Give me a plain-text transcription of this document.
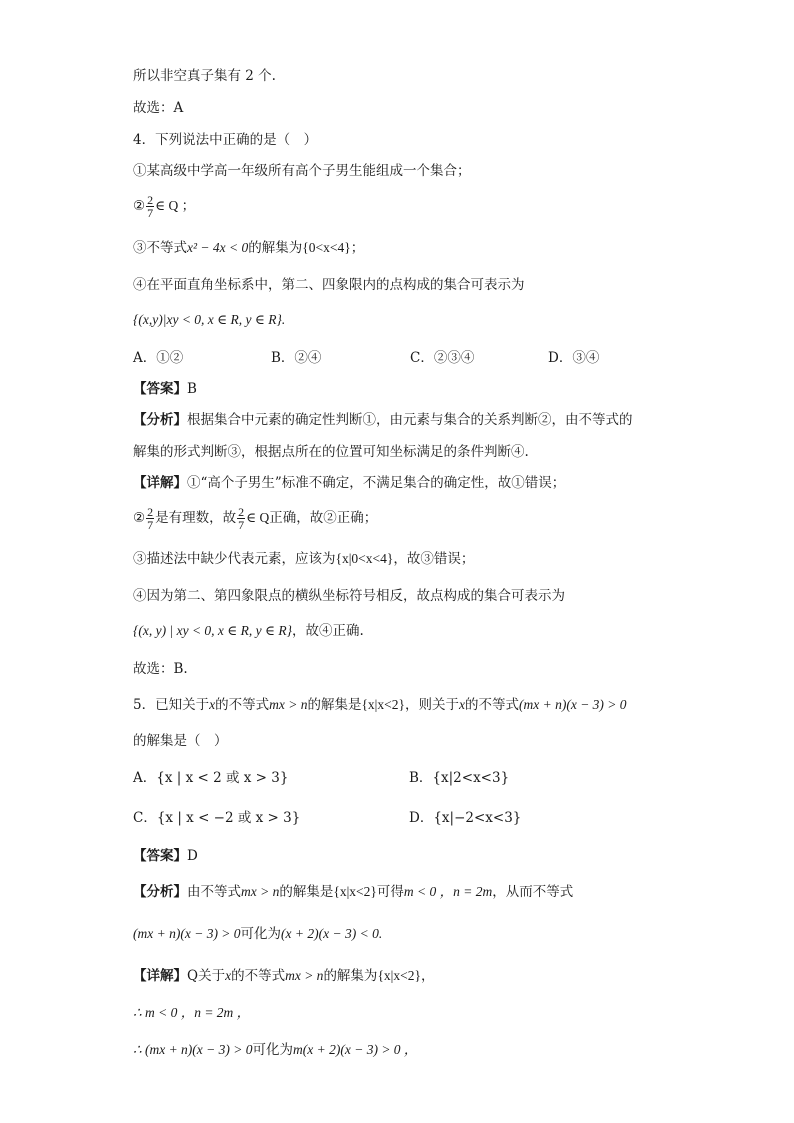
所以非空真子集有 2 个.
故选：A
4．下列说法中正确的是（　）
①某高级中学高一年级所有高个子男生能组成一个集合；
② $\frac{2}{7}$ ∈ Q ；
③不等式x² − 4x < 0的解集为{0<x<4}；
④在平面直角坐标系中，第二、四象限内的点构成的集合可表示为
{(x,y)|xy < 0, x ∈ R, y ∈ R}.
A．①②	B．②④	C．②③④	D．③④
【答案】B
【分析】根据集合中元素的确定性判断①，由元素与集合的关系判断②，由不等式的
解集的形式判断③，根据点所在的位置可知坐标满足的条件判断④.
【详解】①“高个子男生”标准不确定，不满足集合的确定性，故①错误；
② $\frac{2}{7}$ 是有理数，故 $\frac{2}{7}$ ∈ Q正确，故②正确；
③描述法中缺少代表元素，应该为{x|0<x<4}，故③错误；
④因为第二、第四象限点的横纵坐标符号相反，故点构成的集合可表示为
{(x, y) | xy < 0, x ∈ R, y ∈ R}，故④正确.
故选：B.
5．已知关于x的不等式mx > n的解集是{x|x<2}，则关于x的不等式(mx + n)(x − 3) > 0
的解集是（　）
A．{x | x < 2 或 x > 3}	B．{x|2<x<3}
C．{x | x < −2 或 x > 3}	D．{x|−2<x<3}
【答案】D
【分析】由不等式mx > n的解集是{x|x<2}可得m < 0 ，n = 2m，从而不等式
(mx + n)(x − 3) > 0可化为(x + 2)(x − 3) < 0.
【详解】Q关于x的不等式mx > n的解集为{x|x<2}，
∴ m < 0 ，n = 2m ，
∴ (mx + n)(x − 3) > 0可化为m(x + 2)(x − 3) > 0 ，
